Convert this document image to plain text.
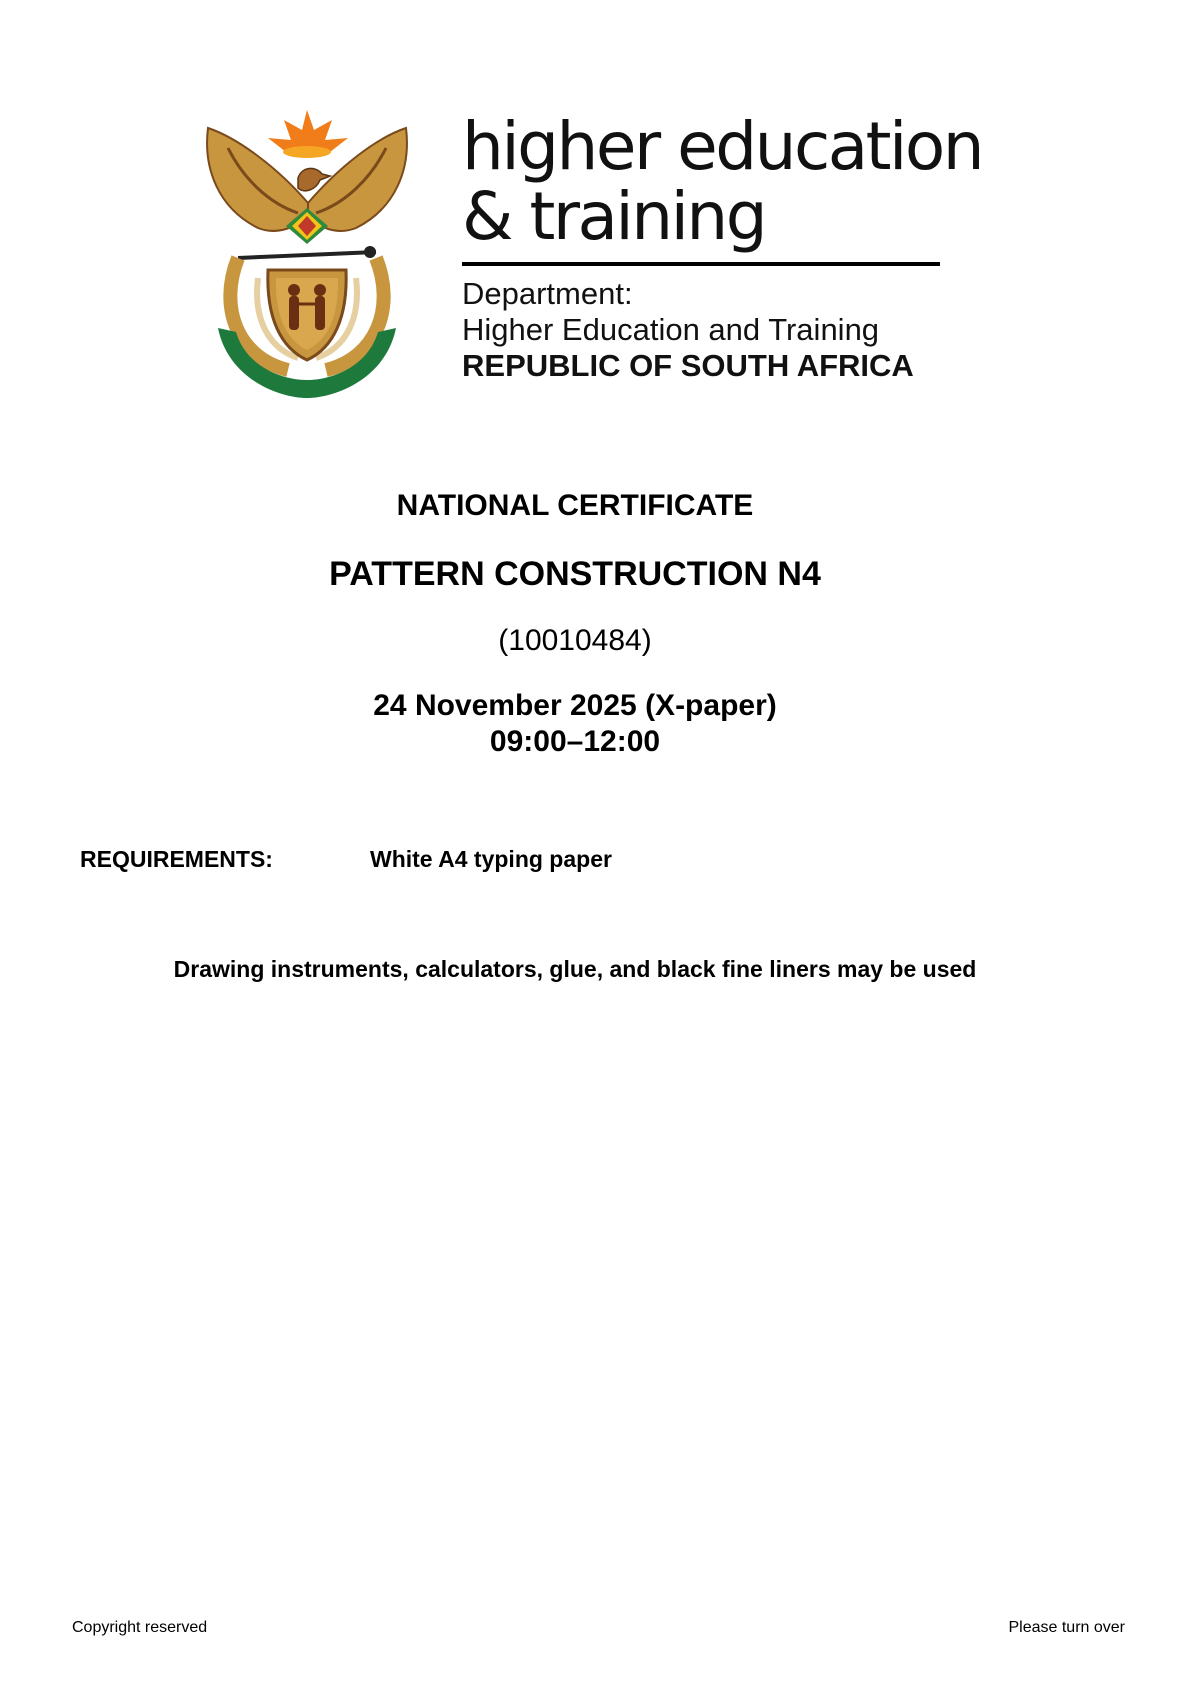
higher education
& training
Department:
Higher Education and Training
REPUBLIC OF SOUTH AFRICA
NATIONAL CERTIFICATE
PATTERN CONSTRUCTION N4
(10010484)
24 November 2025 (X-paper)
09:00–12:00
REQUIREMENTS:	White A4 typing paper
Drawing instruments, calculators, glue, and black fine liners may be used
Copyright reserved	Please turn over
